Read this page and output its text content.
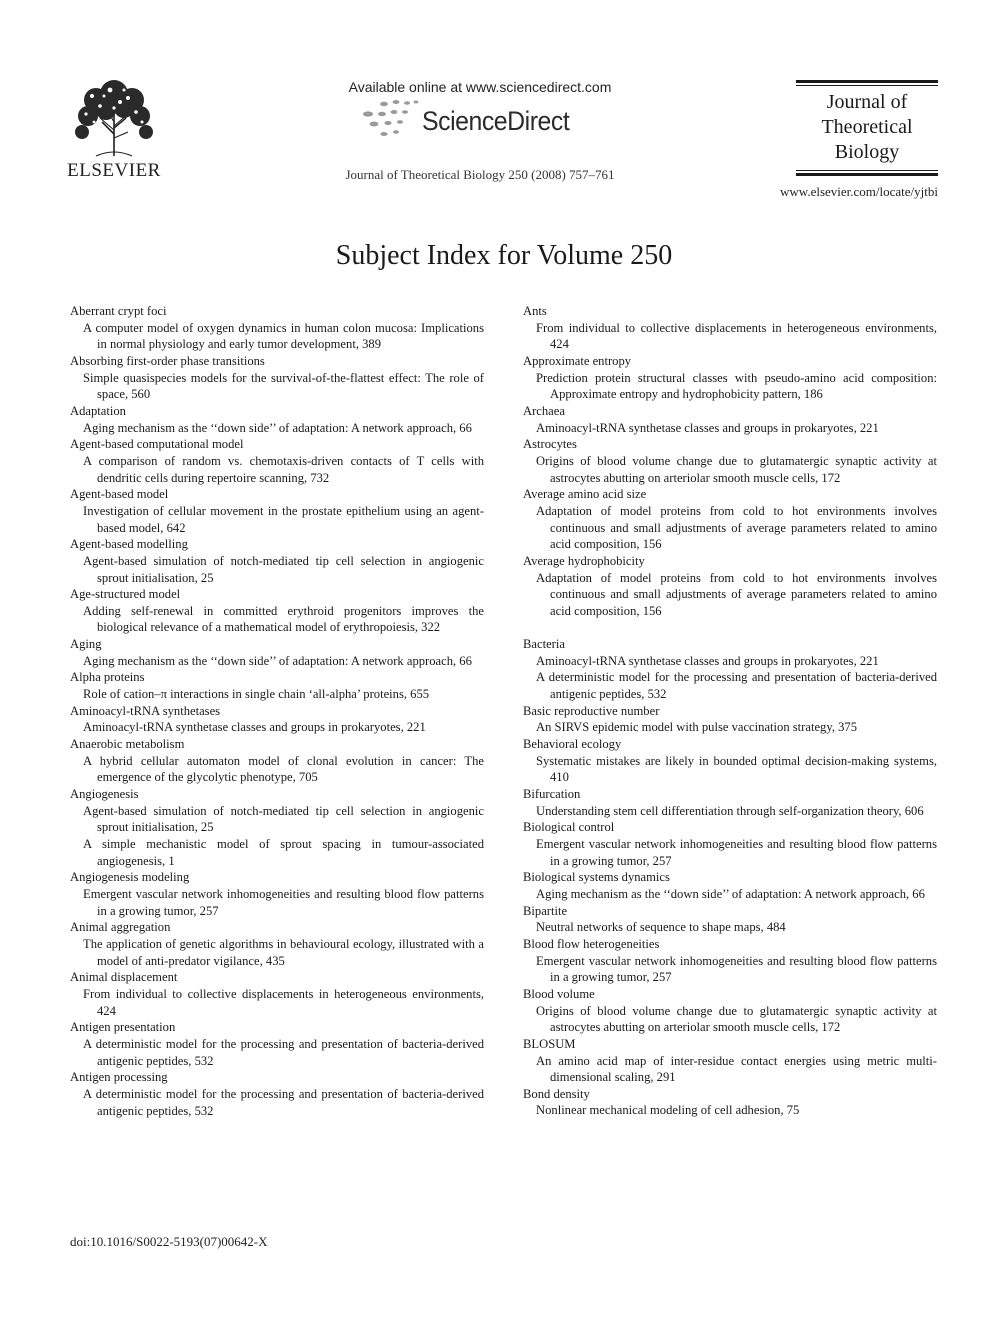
ELSEVIER
Available online at www.sciencedirect.com
ScienceDirect
Journal of Theoretical Biology 250 (2008) 757–761
Journal of
Theoretical
Biology
www.elsevier.com/locate/yjtbi
Subject Index for Volume 250

Aberrant crypt foci

A computer model of oxygen dynamics in human colon mucosa: Implications in normal physiology and early tumor development, 389

Absorbing first-order phase transitions

Simple quasispecies models for the survival-of-the-flattest effect: The role of space, 560

Adaptation

Aging mechanism as the ‘‘down side’’ of adaptation: A network approach, 66

Agent-based computational model

A comparison of random vs. chemotaxis-driven contacts of T cells with dendritic cells during repertoire scanning, 732

Agent-based model

Investigation of cellular movement in the prostate epithelium using an agent-based model, 642

Agent-based modelling

Agent-based simulation of notch-mediated tip cell selection in angiogenic sprout initialisation, 25

Age-structured model

Adding self-renewal in committed erythroid progenitors improves the biological relevance of a mathematical model of erythropoiesis, 322

Aging

Aging mechanism as the ‘‘down side’’ of adaptation: A network approach, 66

Alpha proteins

Role of cation–π interactions in single chain ‘all-alpha’ proteins, 655

Aminoacyl-tRNA synthetases

Aminoacyl-tRNA synthetase classes and groups in prokaryotes, 221

Anaerobic metabolism

A hybrid cellular automaton model of clonal evolution in cancer: The emergence of the glycolytic phenotype, 705

Angiogenesis

Agent-based simulation of notch-mediated tip cell selection in angiogenic sprout initialisation, 25

A simple mechanistic model of sprout spacing in tumour-associated angiogenesis, 1

Angiogenesis modeling

Emergent vascular network inhomogeneities and resulting blood flow patterns in a growing tumor, 257

Animal aggregation

The application of genetic algorithms in behavioural ecology, illustrated with a model of anti-predator vigilance, 435

Animal displacement

From individual to collective displacements in heterogeneous environments, 424

Antigen presentation

A deterministic model for the processing and presentation of bacteria-derived antigenic peptides, 532

Antigen processing

A deterministic model for the processing and presentation of bacteria-derived antigenic peptides, 532

Ants

From individual to collective displacements in heterogeneous environments, 424

Approximate entropy

Prediction protein structural classes with pseudo-amino acid composition: Approximate entropy and hydrophobicity pattern, 186

Archaea

Aminoacyl-tRNA synthetase classes and groups in prokaryotes, 221

Astrocytes

Origins of blood volume change due to glutamatergic synaptic activity at astrocytes abutting on arteriolar smooth muscle cells, 172

Average amino acid size

Adaptation of model proteins from cold to hot environments involves continuous and small adjustments of average parameters related to amino acid composition, 156

Average hydrophobicity

Adaptation of model proteins from cold to hot environments involves continuous and small adjustments of average parameters related to amino acid composition, 156

Bacteria

Aminoacyl-tRNA synthetase classes and groups in prokaryotes, 221

A deterministic model for the processing and presentation of bacteria-derived antigenic peptides, 532

Basic reproductive number

An SIRVS epidemic model with pulse vaccination strategy, 375

Behavioral ecology

Systematic mistakes are likely in bounded optimal decision-making systems, 410

Bifurcation

Understanding stem cell differentiation through self-organization theory, 606

Biological control

Emergent vascular network inhomogeneities and resulting blood flow patterns in a growing tumor, 257

Biological systems dynamics

Aging mechanism as the ‘‘down side’’ of adaptation: A network approach, 66

Bipartite

Neutral networks of sequence to shape maps, 484

Blood flow heterogeneities

Emergent vascular network inhomogeneities and resulting blood flow patterns in a growing tumor, 257

Blood volume

Origins of blood volume change due to glutamatergic synaptic activity at astrocytes abutting on arteriolar smooth muscle cells, 172

BLOSUM

An amino acid map of inter-residue contact energies using metric multi-dimensional scaling, 291

Bond density

Nonlinear mechanical modeling of cell adhesion, 75

doi:10.1016/S0022-5193(07)00642-X
